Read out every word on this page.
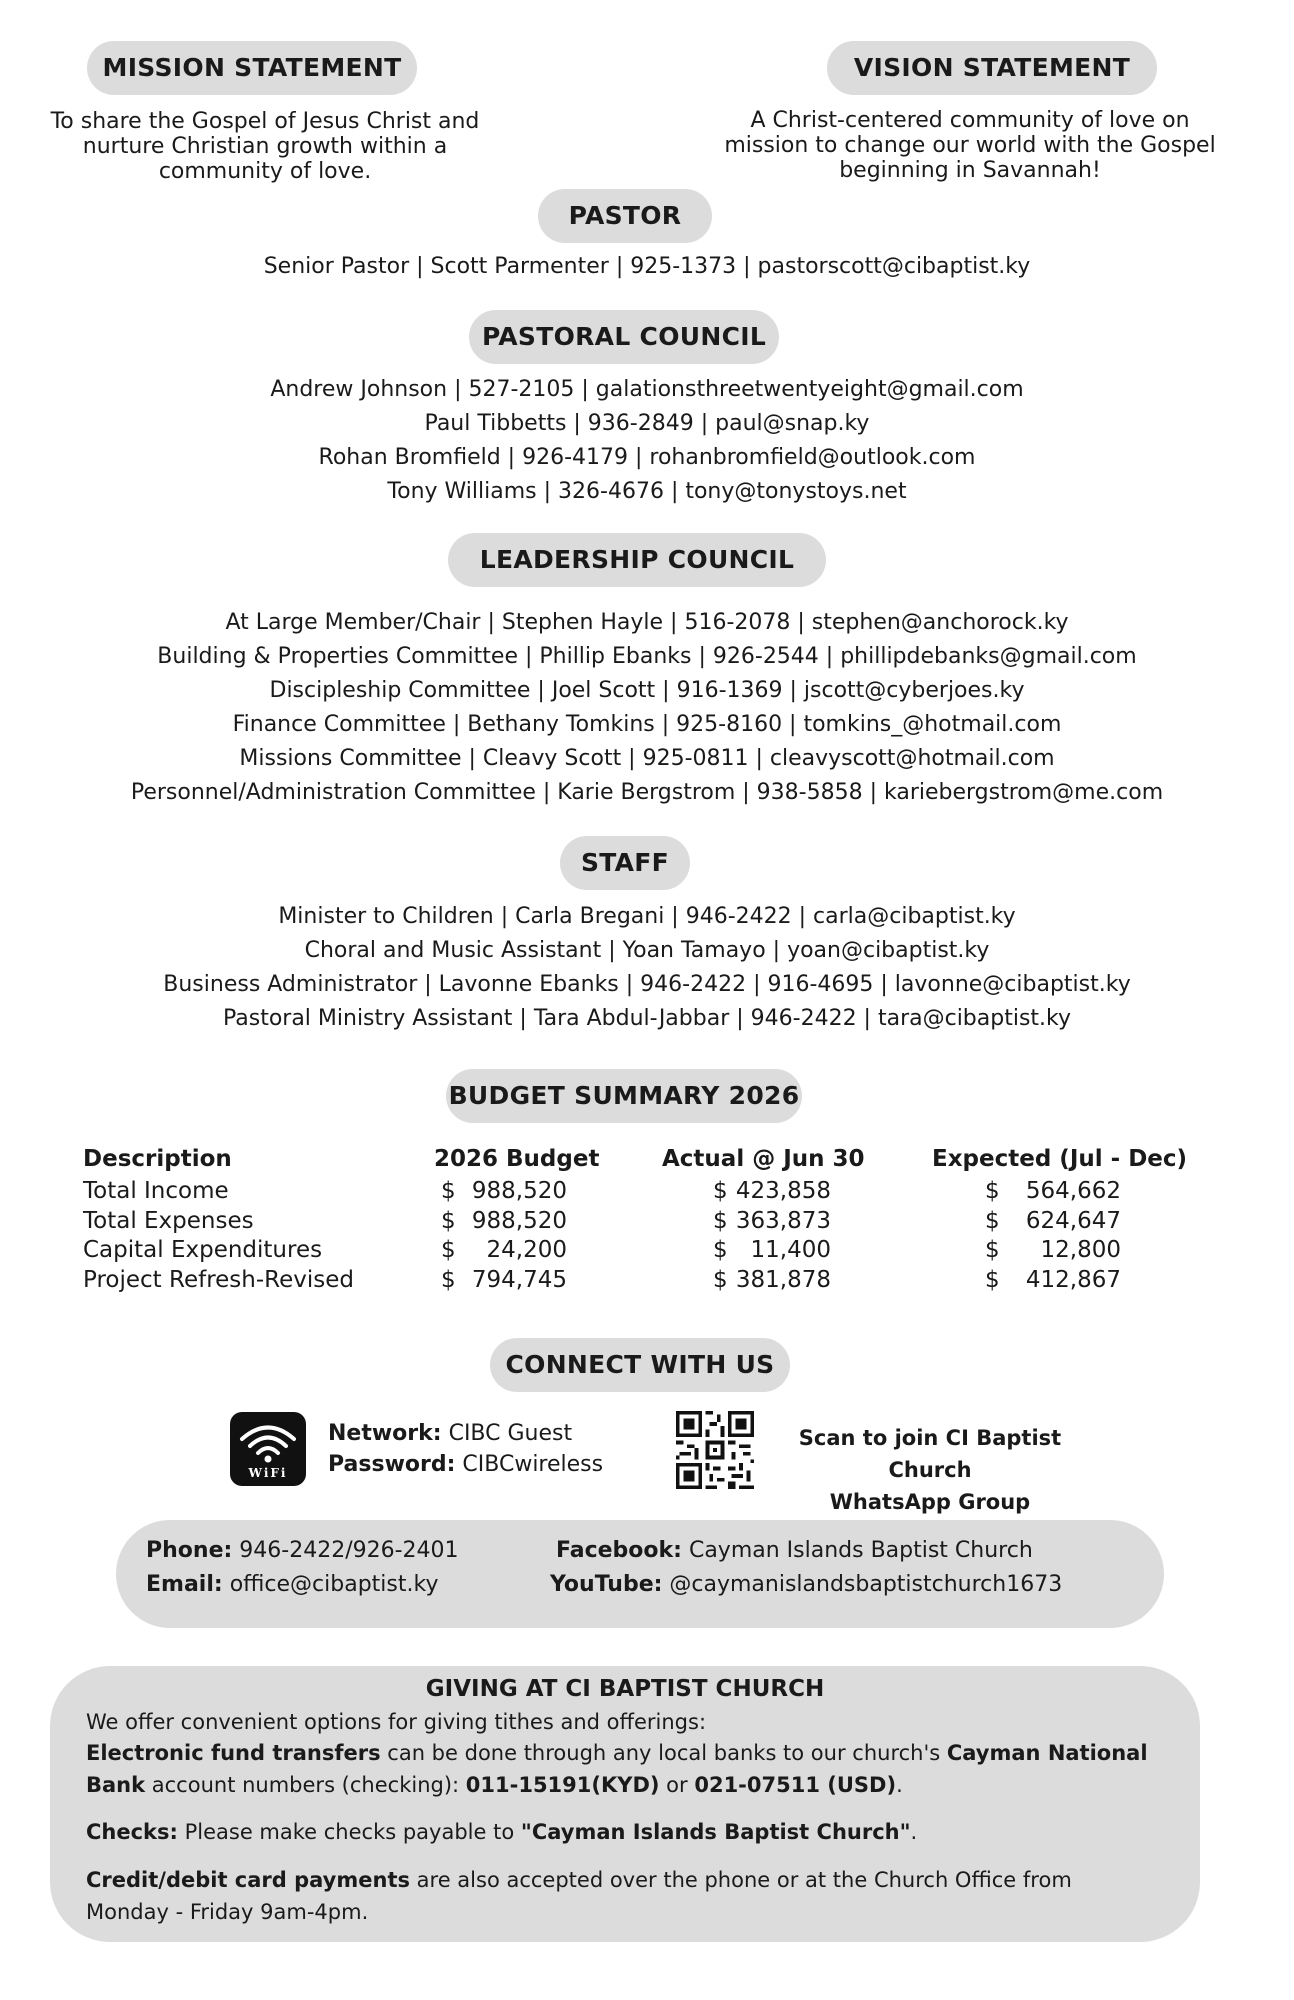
MISSION STATEMENT
To share the Gospel of Jesus Christ and
nurture Christian growth within a
community of love.
VISION STATEMENT
A Christ-centered community of love on
mission to change our world with the Gospel
beginning in Savannah!
PASTOR
Senior Pastor | Scott Parmenter | 925-1373 | pastorscott@cibaptist.ky
PASTORAL COUNCIL
Andrew Johnson | 527-2105 | galationsthreetwentyeight@gmail.com
Paul Tibbetts | 936-2849 | paul@snap.ky
Rohan Bromfield | 926-4179 | rohanbromfield@outlook.com
Tony Williams | 326-4676 | tony@tonystoys.net
LEADERSHIP COUNCIL
At Large Member/Chair | Stephen Hayle | 516-2078 | stephen@anchorock.ky
Building & Properties Committee | Phillip Ebanks | 926-2544 | phillipdebanks@gmail.com
Discipleship Committee | Joel Scott | 916-1369 | jscott@cyberjoes.ky
Finance Committee | Bethany Tomkins | 925-8160 | tomkins_@hotmail.com
Missions Committee | Cleavy Scott | 925-0811 | cleavyscott@hotmail.com
Personnel/Administration Committee | Karie Bergstrom | 938-5858 | kariebergstrom@me.com
STAFF
Minister to Children | Carla Bregani | 946-2422 | carla@cibaptist.ky
Choral and Music Assistant | Yoan Tamayo | yoan@cibaptist.ky
Business Administrator | Lavonne Ebanks | 946-2422 | 916-4695 | lavonne@cibaptist.ky
Pastoral Ministry Assistant | Tara Abdul-Jabbar | 946-2422 | tara@cibaptist.ky
BUDGET SUMMARY 2026
Description	2026 Budget	Actual @ Jun 30	Expected (Jul - Dec)
Total Income	$ 988,520	$ 423,858	$	564,662
Total Expenses	$ 988,520	$ 363,873	$	624,647
Capital Expenditures	$	24,200	$ 11,400	$	12,800
Project Refresh-Revised	$ 794,745	$ 381,878	$	412,867
CONNECT WITH US
WiFi
Network: CIBC Guest
Password: CIBCwireless
Scan to join CI Baptist Church
WhatsApp Group
Phone: 946-2422/926-2401
Email: office@cibaptist.ky
Facebook: Cayman Islands Baptist Church
YouTube: @caymanislandsbaptistchurch1673
GIVING AT CI BAPTIST CHURCH
We offer convenient options for giving tithes and offerings:
Electronic fund transfers can be done through any local banks to our church's Cayman National
Bank account numbers (checking): 011-15191(KYD) or 021-07511 (USD).
Checks: Please make checks payable to "Cayman Islands Baptist Church".
Credit/debit card payments are also accepted over the phone or at the Church Office from
Monday - Friday 9am-4pm.
